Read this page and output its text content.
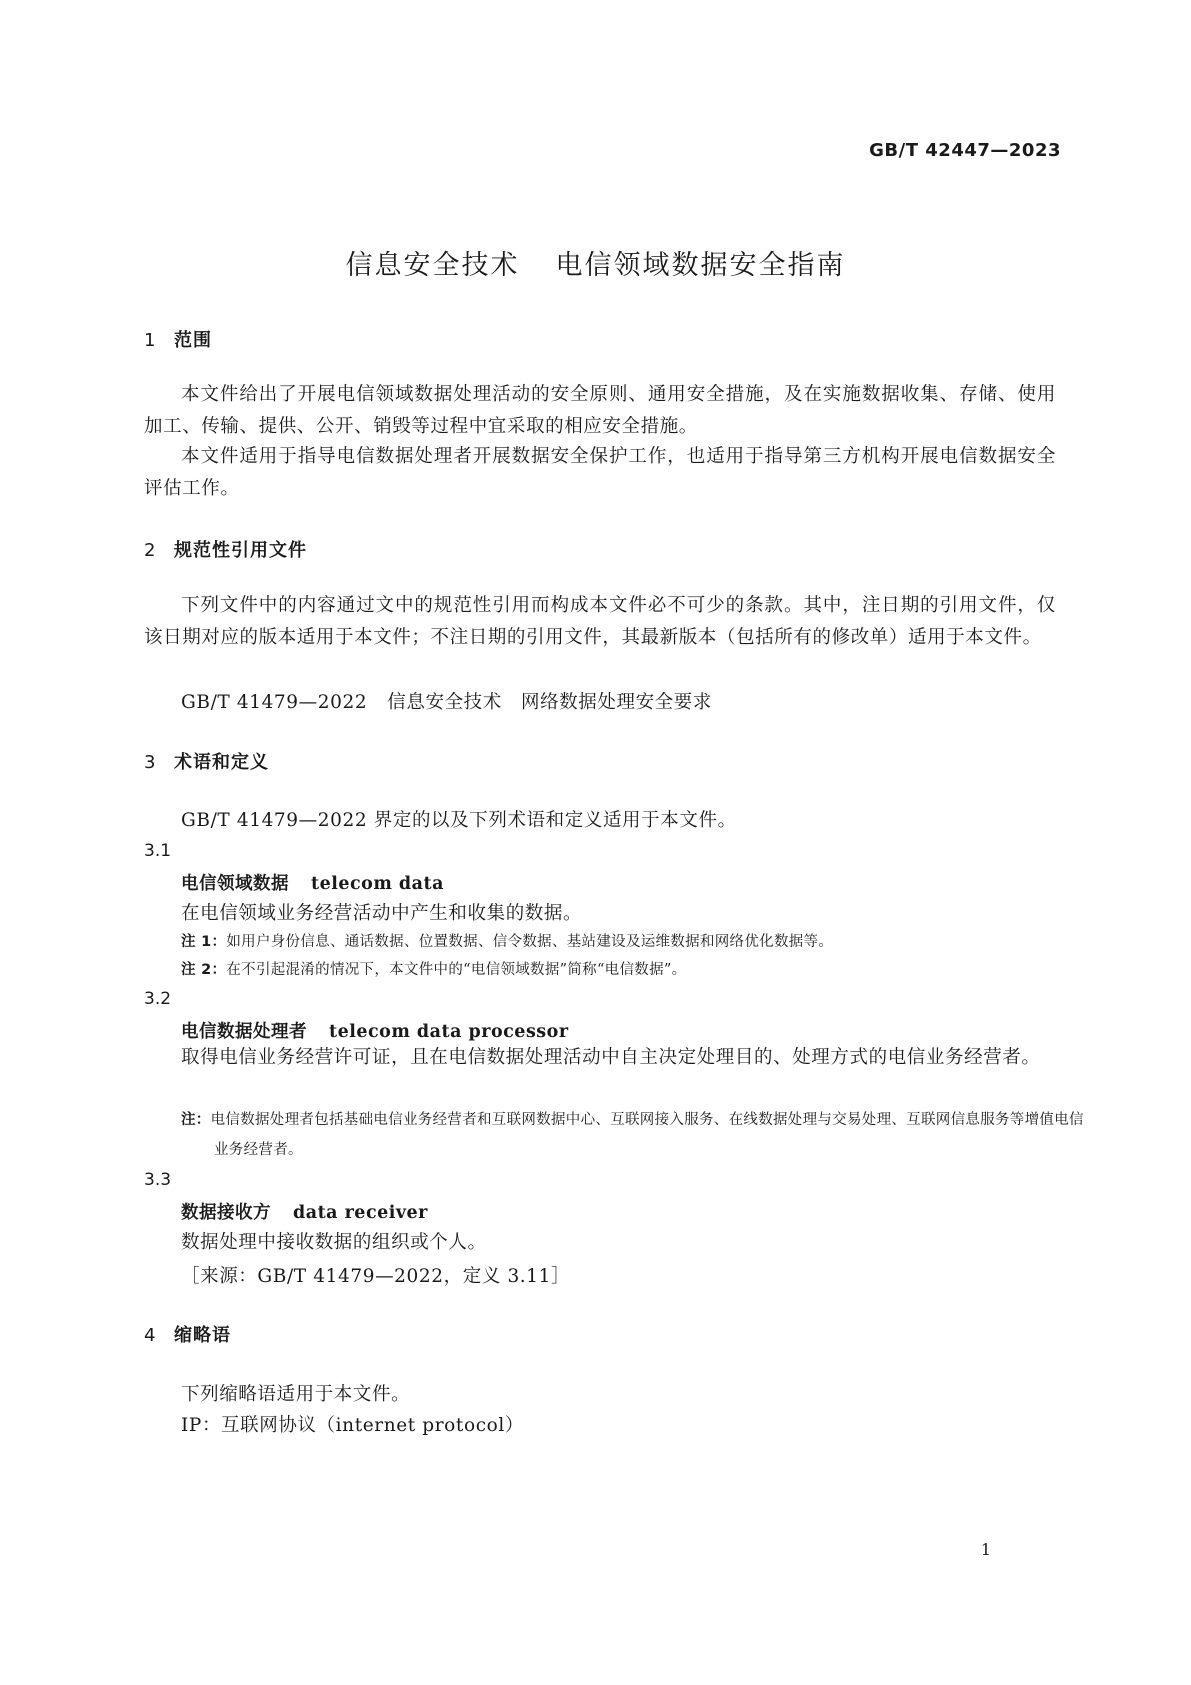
GB/T 42447—2023
信息安全技术 电信领域数据安全指南
1 范围
本文件给出了开展电信领域数据处理活动的安全原则、通用安全措施，及在实施数据收集、存储、使用加工、传输、提供、公开、销毁等过程中宜采取的相应安全措施。
本文件适用于指导电信数据处理者开展数据安全保护工作，也适用于指导第三方机构开展电信数据安全评估工作。
2 规范性引用文件
下列文件中的内容通过文中的规范性引用而构成本文件必不可少的条款。其中，注日期的引用文件，仅该日期对应的版本适用于本文件；不注日期的引用文件，其最新版本（包括所有的修改单）适用于本文件。
GB/T 41479—2022 信息安全技术　网络数据处理安全要求
3 术语和定义
GB/T 41479—2022 界定的以及下列术语和定义适用于本文件。
3.1
电信领域数据 telecom data
在电信领域业务经营活动中产生和收集的数据。
注 1：如用户身份信息、通话数据、位置数据、信令数据、基站建设及运维数据和网络优化数据等。
注 2：在不引起混淆的情况下，本文件中的“电信领域数据”简称“电信数据”。
3.2
电信数据处理者 telecom data processor
取得电信业务经营许可证，且在电信数据处理活动中自主决定处理目的、处理方式的电信业务经营者。
注：电信数据处理者包括基础电信业务经营者和互联网数据中心、互联网接入服务、在线数据处理与交易处理、互联网信息服务等增值电信业务经营者。
3.3
数据接收方 data receiver
数据处理中接收数据的组织或个人。
［来源：GB/T 41479—2022，定义 3.11］
4 缩略语
下列缩略语适用于本文件。
IP：互联网协议（internet protocol）
1
